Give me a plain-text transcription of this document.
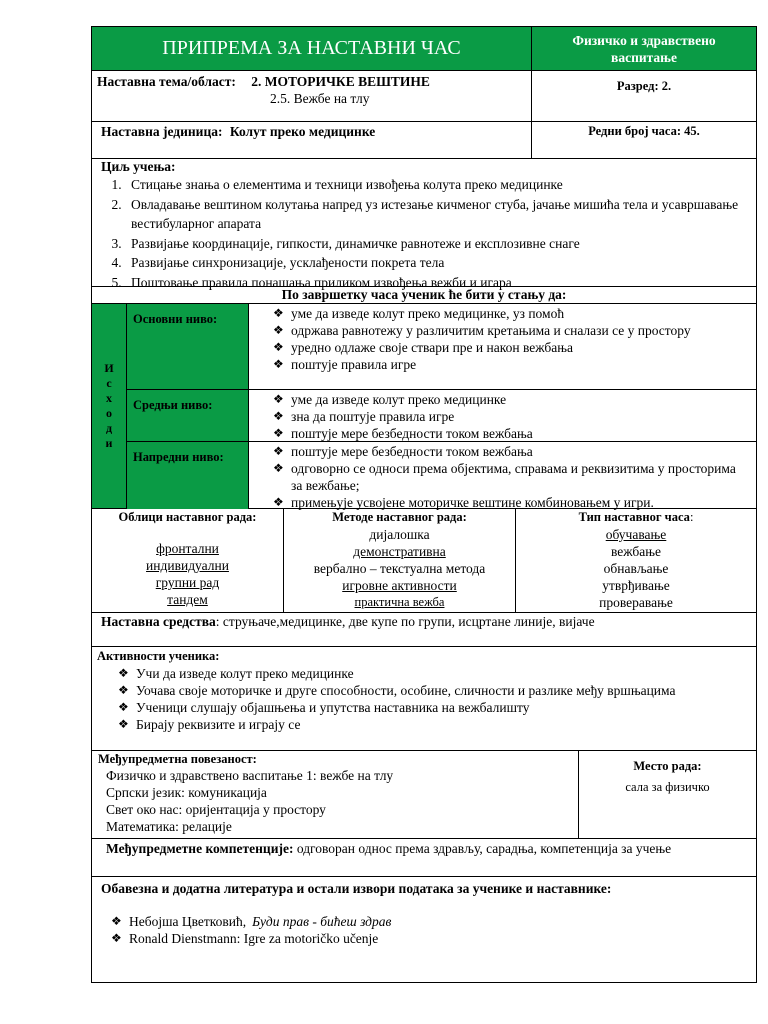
ПРИПРЕМА ЗА НАСТАВНИ ЧАС	Физичко и здравствено васпитање
Наставна тема/област: 2. МОТОРИЧКЕ ВЕШТИНЕ
2.5. Вежбе на тлу
Разред: 2.
Наставна јединица: Колут преко медицинке	Редни број часа: 45.
Циљ учења:
1. Стицање знања о елементима и техници извођења колута преко медицинке
2. Овладавање вештином колутања напред уз истезање кичменог стуба, јачање мишића тела и усавршавање вестибуларног апарата
3. Развијање координације, гипкости, динамичке равнотеже и експлозивне снаге
4. Развијање синхронизације, усклађености покрета тела
5. Поштовање правила понашања приликом извођења вежби и игара
По завршетку часа ученик ће бити у стању да:
И
с
х
о
д
и
Основни ниво:	❖ уме да изведе колут преко медицинке, уз помоћ
❖ одржава равнотежу у различитим кретањима и сналази се у простору
❖ уредно одлаже своје ствари пре и након вежбања
❖ поштује правила игре
Средњи ниво:	❖ уме да изведе колут преко медицинке
❖ зна да поштује правила игре
❖ поштује мере безбедности током вежбања
Напредни ниво:	❖ поштује мере безбедности током вежбања
❖ одговорно се односи према објектима, справама и реквизитима у просторима за вежбање;
❖ примењује усвојене моторичке вештине комбиновањем у игри.
Облици наставног рада:
фронтални
индивидуални
групни рад
тандем
Методе наставног рада:
дијалошка
демонстративна
вербално – текстуална метода
игровне активности
практична вежба
Тип наставног часа:
обучавање
вежбање
обнављање
утврђивање
проверавање
Наставна средства: струњаче,медицинке, две купе по групи, исцртане линије, вијаче
Активности ученика:
❖ Учи да изведе колут преко медицинке
❖ Уочава своје моторичке и друге способности, особине, сличности и разлике међу вршњацима
❖ Ученици слушају објашњења и упутства наставника на вежбалишту
❖ Бирају реквизите и играју се
Међупредметна повезаност:
Физичко и здравствено васпитање 1: вежбе на тлу
Српски језик: комуникација
Свет око нас: оријентација у простору
Математика: релације
Место рада:
сала за физичко
Међупредметне компетенције: одговоран однос према здрављу, сарадња, компетенција за учење
Обавезна и додатна литература и остали извори података за ученике и наставнике:
❖ Небојша Цветковић, Буди прав - бићеш здрав
❖ Ronald Dienstmann: Igre za motoričko učenje
